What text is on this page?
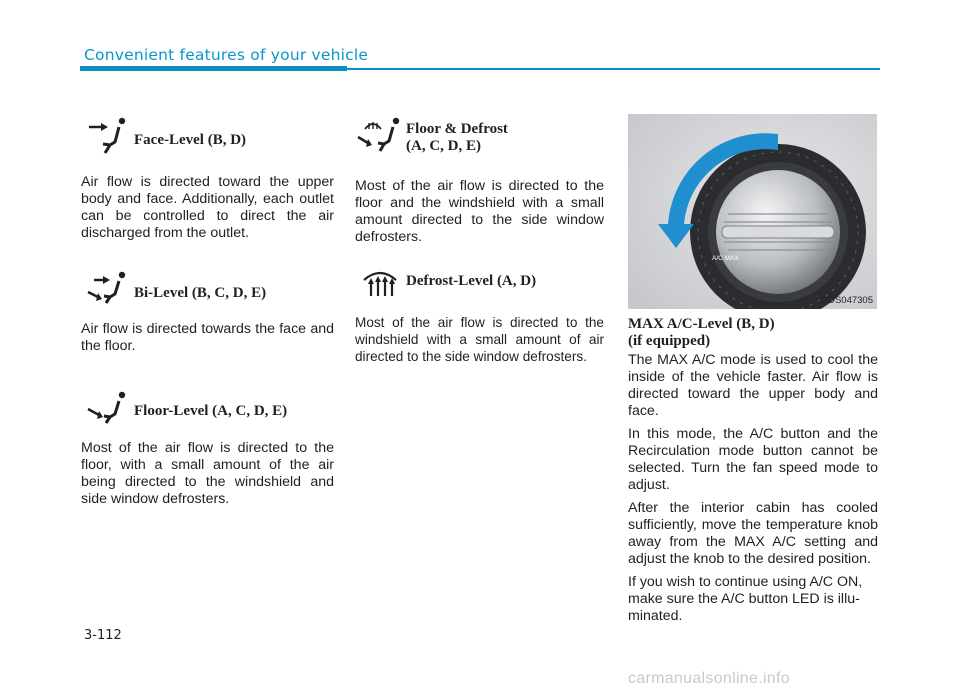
Convenient features of your vehicle
Face-Level (B, D)

Air flow is directed toward the upper body and face. Additionally, each outlet can be controlled to direct the air discharged from the outlet.

Bi-Level (B, C, D, E)

Air flow is directed towards the face and the floor.

Floor-Level (A, C, D, E)

Most of the air flow is directed to the floor, with a small amount of the air being directed to the windshield and side window defrosters.

Floor & Defrost
(A, C, D, E)

Most of the air flow is directed to the floor and the windshield with a small amount directed to the side window defrosters.

Defrost-Level (A, D)

Most of the air flow is directed to the windshield with a small amount of air directed to the side window defrosters.

A/C MAX
OOS047305
MAX A/C-Level (B, D)
(if equipped)

The MAX A/C mode is used to cool the inside of the vehicle faster. Air flow is directed toward the upper body and face.

In this mode, the A/C button and the Recirculation mode button cannot be selected. Turn the fan speed mode to adjust.

After the interior cabin has cooled sufficiently, move the temperature knob away from the MAX A/C setting and adjust the knob to the desired position.

If you wish to continue using A/C ON, make sure the A/C button LED is illu-minated.

3-112
carmanualsonline.info
